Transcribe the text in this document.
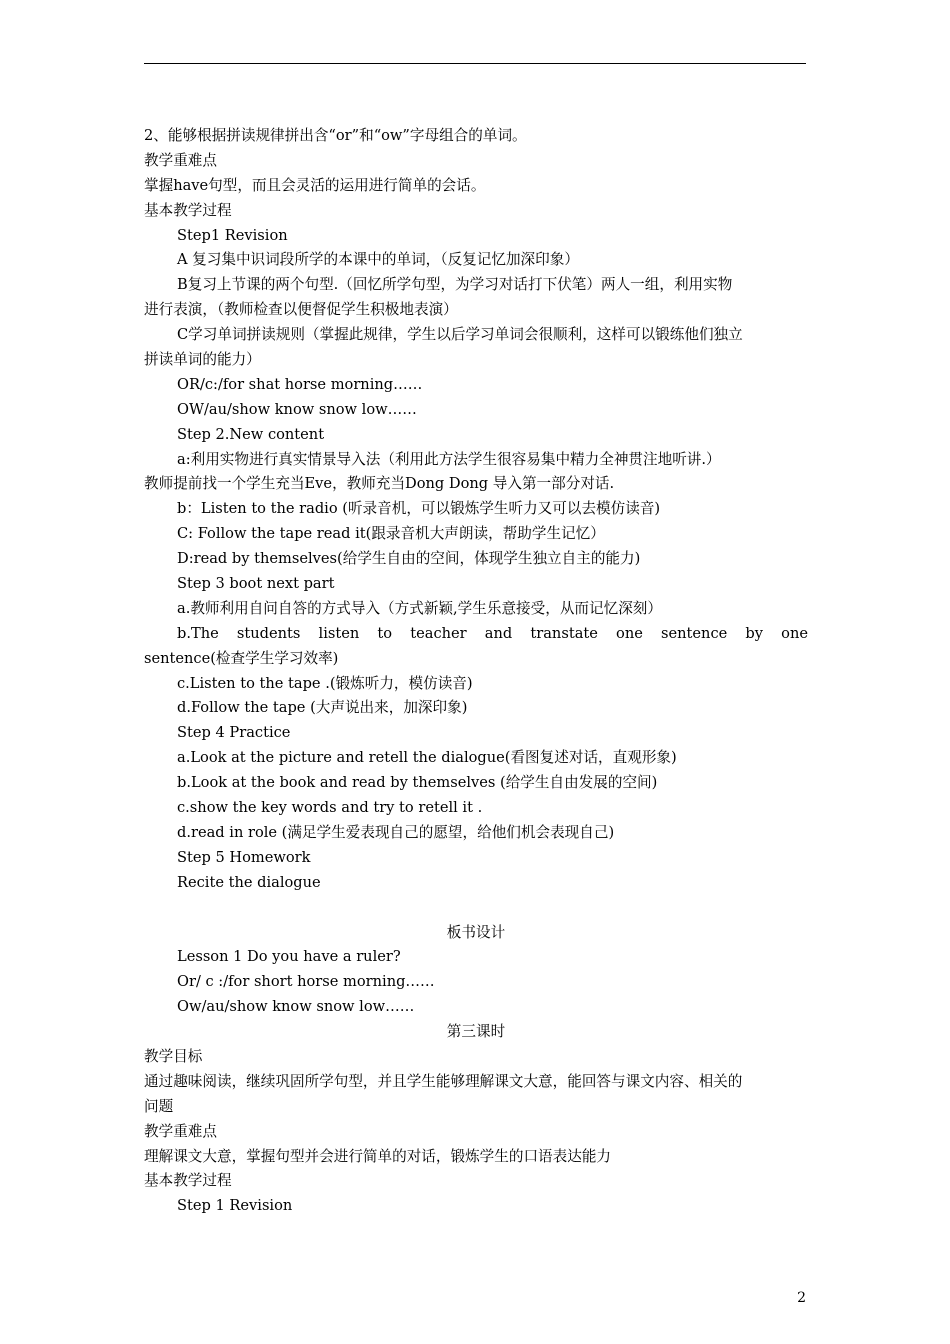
2、能够根据拼读规律拼出含“or”和“ow”字母组合的单词。
教学重难点
掌握have句型，而且会灵活的运用进行简单的会话。
基本教学过程
Step1 Revision
A 复习集中识词段所学的本课中的单词，（反复记忆加深印象）
B复习上节课的两个句型.（回忆所学句型，为学习对话打下伏笔）两人一组，利用实物
进行表演，（教师检查以便督促学生积极地表演）
C学习单词拼读规则（掌握此规律，学生以后学习单词会很顺利，这样可以锻练他们独立
拼读单词的能力）
OR/c:/for shat horse morning……
OW/au/show know snow low……
Step 2.New content
a:利用实物进行真实情景导入法（利用此方法学生很容易集中精力全神贯注地听讲.）
教师提前找一个学生充当Eve，教师充当Dong Dong 导入第一部分对话.
b：Listen to the radio (听录音机，可以锻炼学生听力又可以去模仿读音)
C: Follow the tape read it(跟录音机大声朗读，帮助学生记忆）
D:read by themselves(给学生自由的空间，体现学生独立自主的能力)
Step 3 boot next part
a.教师利用自问自答的方式导入（方式新颖,学生乐意接受，从而记忆深刻）
b.The students listen to teacher and transtate one sentence by one
sentence(检查学生学习效率)
c.Listen to the tape .(锻炼听力，模仿读音)
d.Follow the tape (大声说出来，加深印象)
Step 4 Practice
a.Look at the picture and retell the dialogue(看图复述对话，直观形象)
b.Look at the book and read by themselves (给学生自由发展的空间)
c.show the key words and try to retell it .
d.read in role (满足学生爱表现自己的愿望，给他们机会表现自己)
Step 5 Homework
Recite the dialogue
板书设计
Lesson 1 Do you have a ruler?
Or/ c :/for short horse morning……
Ow/au/show know snow low……
第三课时
教学目标
通过趣味阅读，继续巩固所学句型，并且学生能够理解课文大意，能回答与课文内容、相关的
问题
教学重难点
理解课文大意，掌握句型并会进行简单的对话，锻炼学生的口语表达能力
基本教学过程
Step 1 Revision
2
